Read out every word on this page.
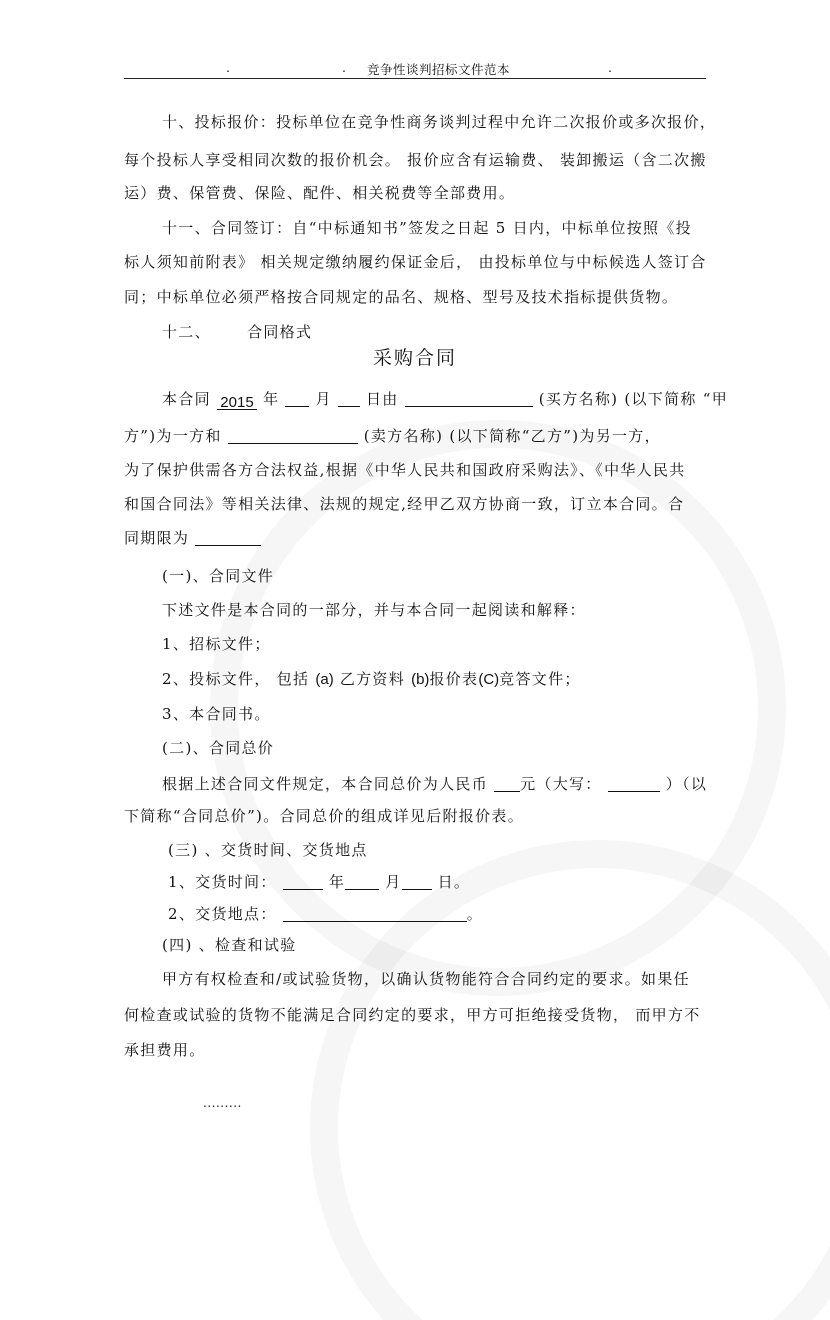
.	. 竞争性谈判招标文件范本	.
十、投标报价：投标单位在竞争性商务谈判过程中允许二次报价或多次报价，
每个投标人享受相同次数的报价机会。 报价应含有运输费、 装卸搬运（含二次搬
运）费、保管费、保险、配件、相关税费等全部费用。
十一、合同签订：自“中标通知书”签发之日起 5 日内，中标单位按照《投
标人须知前附表》 相关规定缴纳履约保证金后， 由投标单位与中标候选人签订合
同；中标单位必须严格按合同规定的品名、规格、型号及技术指标提供货物。
十二、 合同格式
采购合同
本合同 2015 年 月 日由	(买方名称) (以下简称 “甲
方”)为一方和	(卖方名称) (以下简称“乙方”)为另一方，
为了保护供需各方合法权益,根据《中华人民共和国政府采购法》、《中华人民共
和国合同法》等相关法律、法规的规定,经甲乙双方协商一致，订立本合同。合
同期限为
(一)、合同文件
下述文件是本合同的一部分，并与本合同一起阅读和解释：
1、招标文件；
2、投标文件， 包括 (a) 乙方资料 (b)报价表(C)竞答文件；
3、本合同书。
(二)、合同总价
根据上述合同文件规定，本合同总价为人民币 元（大写：	）（以
下简称“合同总价”)。合同总价的组成详见后附报价表。
(三) 、交货时间、交货地点
1、交货时间：	年	月 日。
2、交货地点：	。
(四) 、检查和试验
甲方有权检查和/或试验货物，以确认货物能符合合同约定的要求。如果任
何检查或试验的货物不能满足合同约定的要求，甲方可拒绝接受货物， 而甲方不
承担费用。
.........
